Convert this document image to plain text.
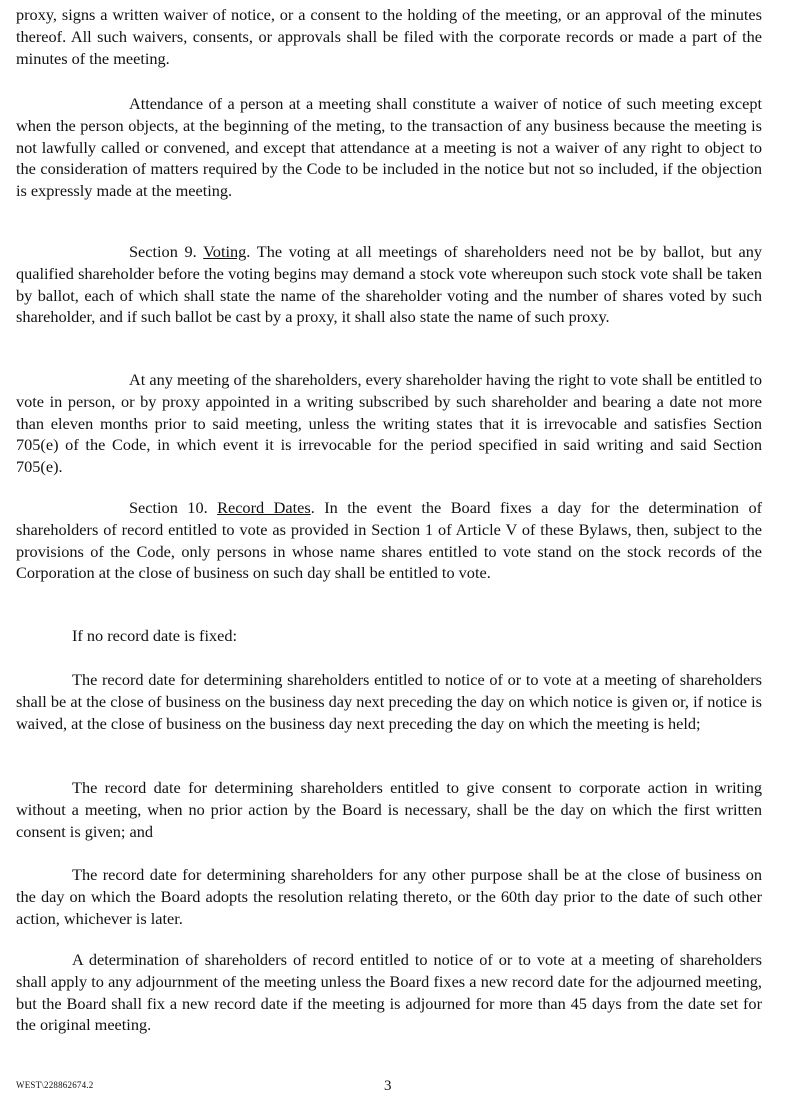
proxy, signs a written waiver of notice, or a consent to the holding of the meeting, or an approval of the minutes thereof. All such waivers, consents, or approvals shall be filed with the corporate records or made a part of the minutes of the meeting.

Attendance of a person at a meeting shall constitute a waiver of notice of such meeting except when the person objects, at the beginning of the meting, to the transaction of any business because the meeting is not lawfully called or convened, and except that attendance at a meeting is not a waiver of any right to object to the consideration of matters required by the Code to be included in the notice but not so included, if the objection is expressly made at the meeting.

Section 9. Voting. The voting at all meetings of shareholders need not be by ballot, but any qualified shareholder before the voting begins may demand a stock vote whereupon such stock vote shall be taken by ballot, each of which shall state the name of the shareholder voting and the number of shares voted by such shareholder, and if such ballot be cast by a proxy, it shall also state the name of such proxy.

At any meeting of the shareholders, every shareholder having the right to vote shall be entitled to vote in person, or by proxy appointed in a writing subscribed by such shareholder and bearing a date not more than eleven months prior to said meeting, unless the writing states that it is irrevocable and satisfies Section 705(e) of the Code, in which event it is irrevocable for the period specified in said writing and said Section 705(e).

Section 10. Record Dates. In the event the Board fixes a day for the determination of shareholders of record entitled to vote as provided in Section 1 of Article V of these Bylaws, then, subject to the provisions of the Code, only persons in whose name shares entitled to vote stand on the stock records of the Corporation at the close of business on such day shall be entitled to vote.

If no record date is fixed:

The record date for determining shareholders entitled to notice of or to vote at a meeting of shareholders shall be at the close of business on the business day next preceding the day on which notice is given or, if notice is waived, at the close of business on the business day next preceding the day on which the meeting is held;

The record date for determining shareholders entitled to give consent to corporate action in writing without a meeting, when no prior action by the Board is necessary, shall be the day on which the first written consent is given; and

The record date for determining shareholders for any other purpose shall be at the close of business on the day on which the Board adopts the resolution relating thereto, or the 60th day prior to the date of such other action, whichever is later.

A determination of shareholders of record entitled to notice of or to vote at a meeting of shareholders shall apply to any adjournment of the meeting unless the Board fixes a new record date for the adjourned meeting, but the Board shall fix a new record date if the meeting is adjourned for more than 45 days from the date set for the original meeting.

WEST\228862674.2	3
